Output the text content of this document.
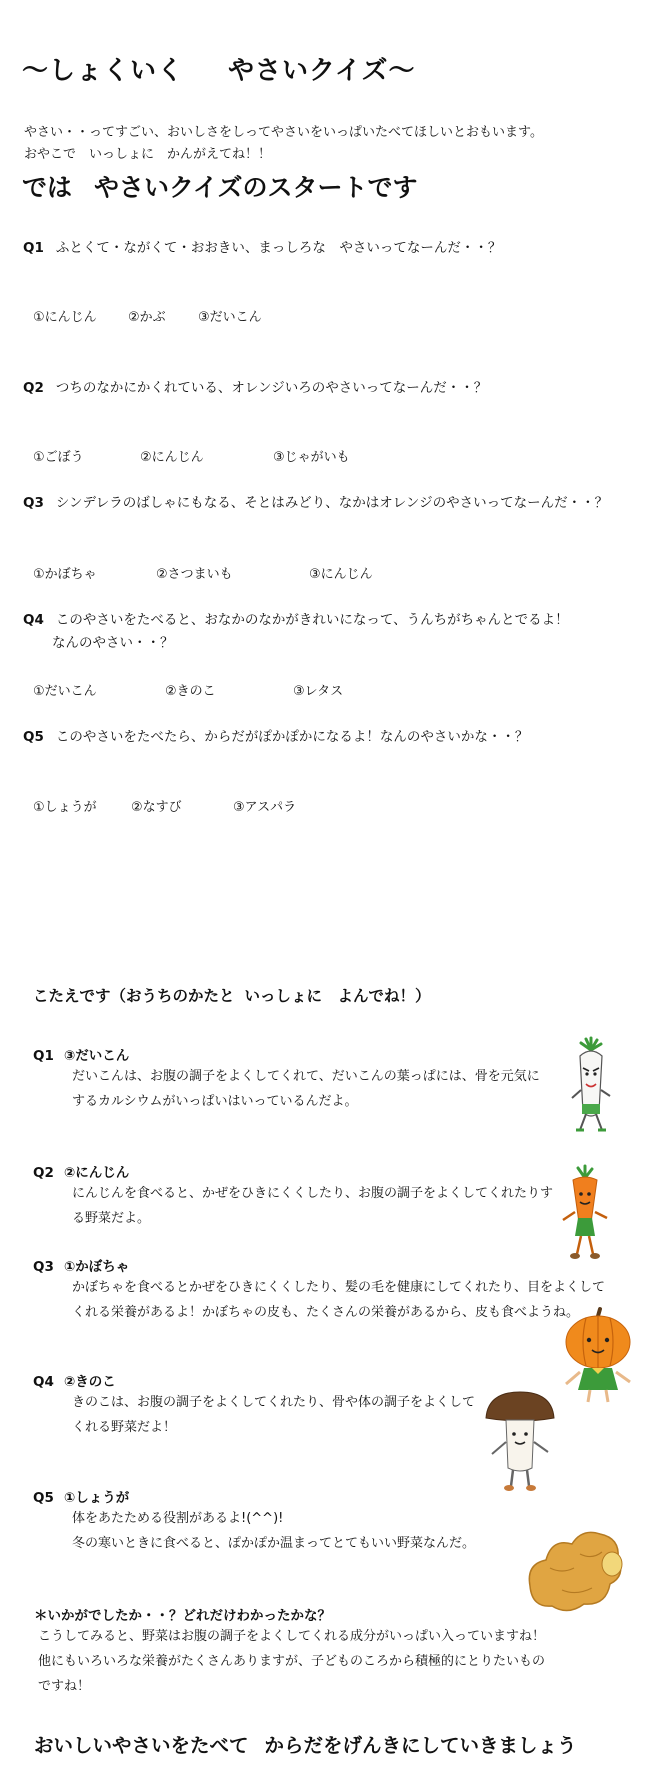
〜しょくいく やさいクイズ〜
やさい・・ってすごい、おいしさをしってやさいをいっぱいたべてほしいとおもいます。
おやこで　いっしょに　かんがえてね！！
では やさいクイズのスタートです
Q1 ふとくて・ながくて・おおきい、まっしろな　やさいってなーんだ・・？
①にんじん ②かぶ ③だいこん
Q2 つちのなかにかくれている、オレンジいろのやさいってなーんだ・・？
①ごぼう	②にんじん	③じゃがいも
Q3 シンデレラのばしゃにもなる、そとはみどり、なかはオレンジのやさいってなーんだ・・？
①かぼちゃ	②さつまいも	③にんじん
Q4 このやさいをたべると、おなかのなかがきれいになって、うんちがちゃんとでるよ！
なんのやさい・・？
①だいこん	②きのこ	③レタス
Q5 このやさいをたべたら、からだがぽかぽかになるよ！なんのやさいかな・・？
①しょうが	②なすび	③アスパラ
こたえです（おうちのかたと いっしょに　よんでね！）
Q1 ③だいこん
だいこんは、お腹の調子をよくしてくれて、だいこんの葉っぱには、骨を元気に
するカルシウムがいっぱいはいっているんだよ。
Q2 ②にんじん
にんじんを食べると、かぜをひきにくくしたり、お腹の調子をよくしてくれたりす
る野菜だよ。
Q3 ①かぼちゃ
かぼちゃを食べるとかぜをひきにくくしたり、髪の毛を健康にしてくれたり、目をよくして
くれる栄養があるよ！かぼちゃの皮も、たくさんの栄養があるから、皮も食べようね。
Q4 ②きのこ
きのこは、お腹の調子をよくしてくれたり、骨や体の調子をよくして
くれる野菜だよ！
Q5 ①しょうが
体をあたためる役割があるよ!(^^)!
冬の寒いときに食べると、ぽかぽか温まってとてもいい野菜なんだ。
＊いかがでしたか・・？どれだけわかったかな？
こうしてみると、野菜はお腹の調子をよくしてくれる成分がいっぱい入っていますね！
他にもいろいろな栄養がたくさんありますが、子どものころから積極的にとりたいもの
ですね！
おいしいやさいをたべて からだをげんきにしていきましょう
